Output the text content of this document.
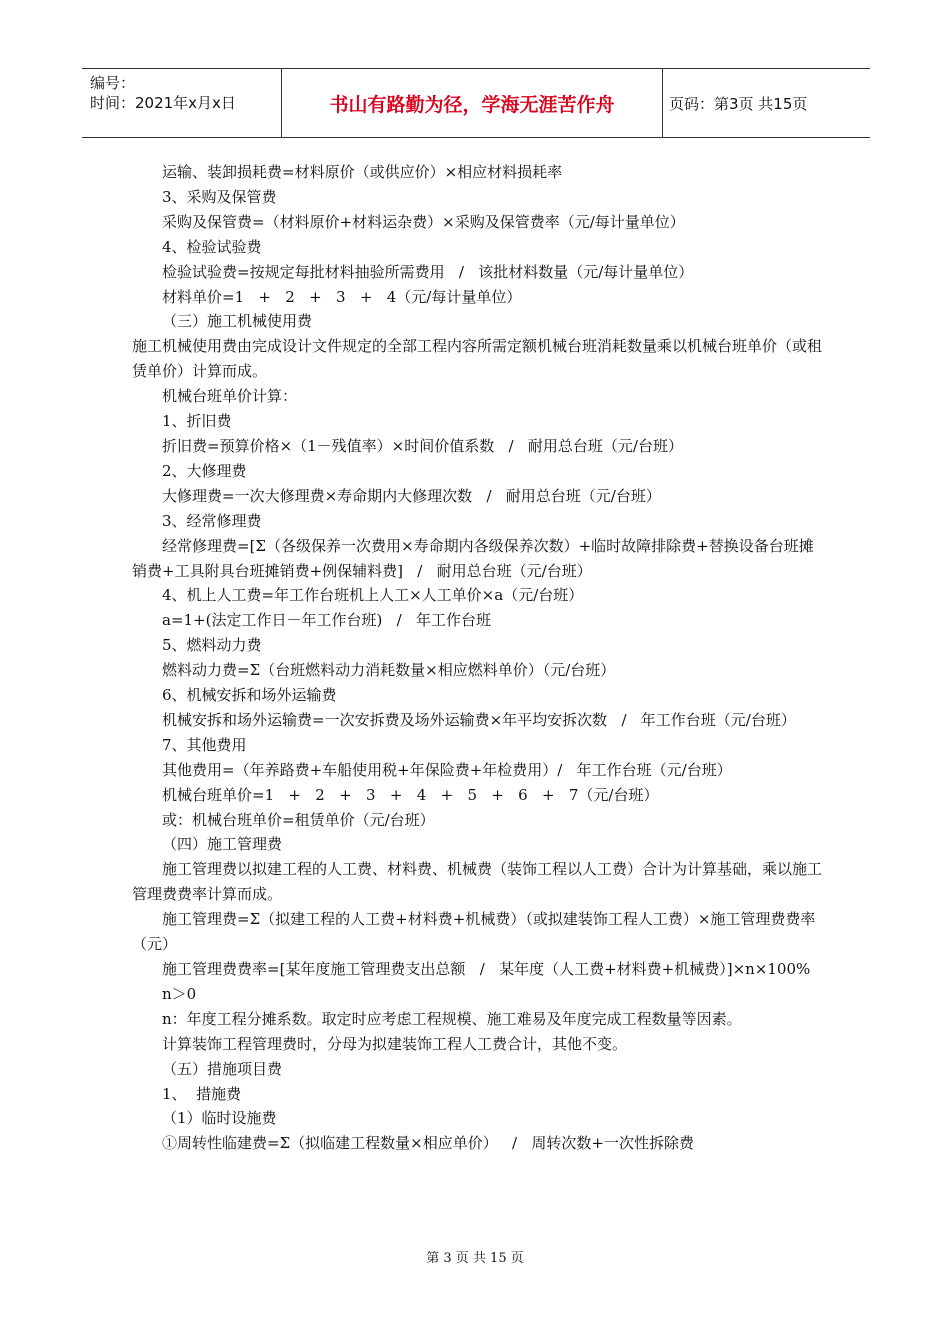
编号：
时间：2021年x月x日	书山有路勤为径，学海无涯苦作舟	页码：第3页 共15页

运输、装卸损耗费=材料原价（或供应价）×相应材料损耗率

3、采购及保管费

采购及保管费=（材料原价+材料运杂费）×采购及保管费率（元/每计量单位）

4、检验试验费

检验试验费=按规定每批材料抽验所需费用   /   该批材料数量（元/每计量单位）

材料单价=1   +   2   +   3   +   4（元/每计量单位）

（三）施工机械使用费

施工机械使用费由完成设计文件规定的全部工程内容所需定额机械台班消耗数量乘以机械台班单价（或租赁单价）计算而成。

机械台班单价计算：

1、折旧费

折旧费=预算价格×（1－残值率）×时间价值系数   /   耐用总台班（元/台班）

2、大修理费

大修理费=一次大修理费×寿命期内大修理次数   /   耐用总台班（元/台班）

3、经常修理费

经常修理费=[Σ（各级保养一次费用×寿命期内各级保养次数）+临时故障排除费+替换设备台班摊销费+工具附具台班摊销费+例保辅料费]   /   耐用总台班（元/台班）

4、机上人工费=年工作台班机上人工×人工单价×a（元/台班）

a=1+(法定工作日－年工作台班)   /   年工作台班

5、燃料动力费

燃料动力费=Σ（台班燃料动力消耗数量×相应燃料单价）（元/台班）

6、机械安拆和场外运输费

机械安拆和场外运输费=一次安拆费及场外运输费×年平均安拆次数   /   年工作台班（元/台班）

7、其他费用

其他费用=（年养路费+车船使用税+年保险费+年检费用）/   年工作台班（元/台班）

机械台班单价=1   +   2   +   3   +   4   +   5   +   6   +   7（元/台班）

或：机械台班单价=租赁单价（元/台班）

（四）施工管理费

施工管理费以拟建工程的人工费、材料费、机械费（装饰工程以人工费）合计为计算基础，乘以施工管理费费率计算而成。

施工管理费=Σ（拟建工程的人工费+材料费+机械费）（或拟建装饰工程人工费）×施工管理费费率（元）

施工管理费费率=[某年度施工管理费支出总额   /   某年度（人工费+材料费+机械费）]×n×100%

n＞0

n：年度工程分摊系数。取定时应考虑工程规模、施工难易及年度完成工程数量等因素。

计算装饰工程管理费时，分母为拟建装饰工程人工费合计，其他不变。

（五）措施项目费

1、  措施费

（1）临时设施费

①周转性临建费=Σ（拟临建工程数量×相应单价）   /   周转次数+一次性拆除费

第 3 页 共 15 页
